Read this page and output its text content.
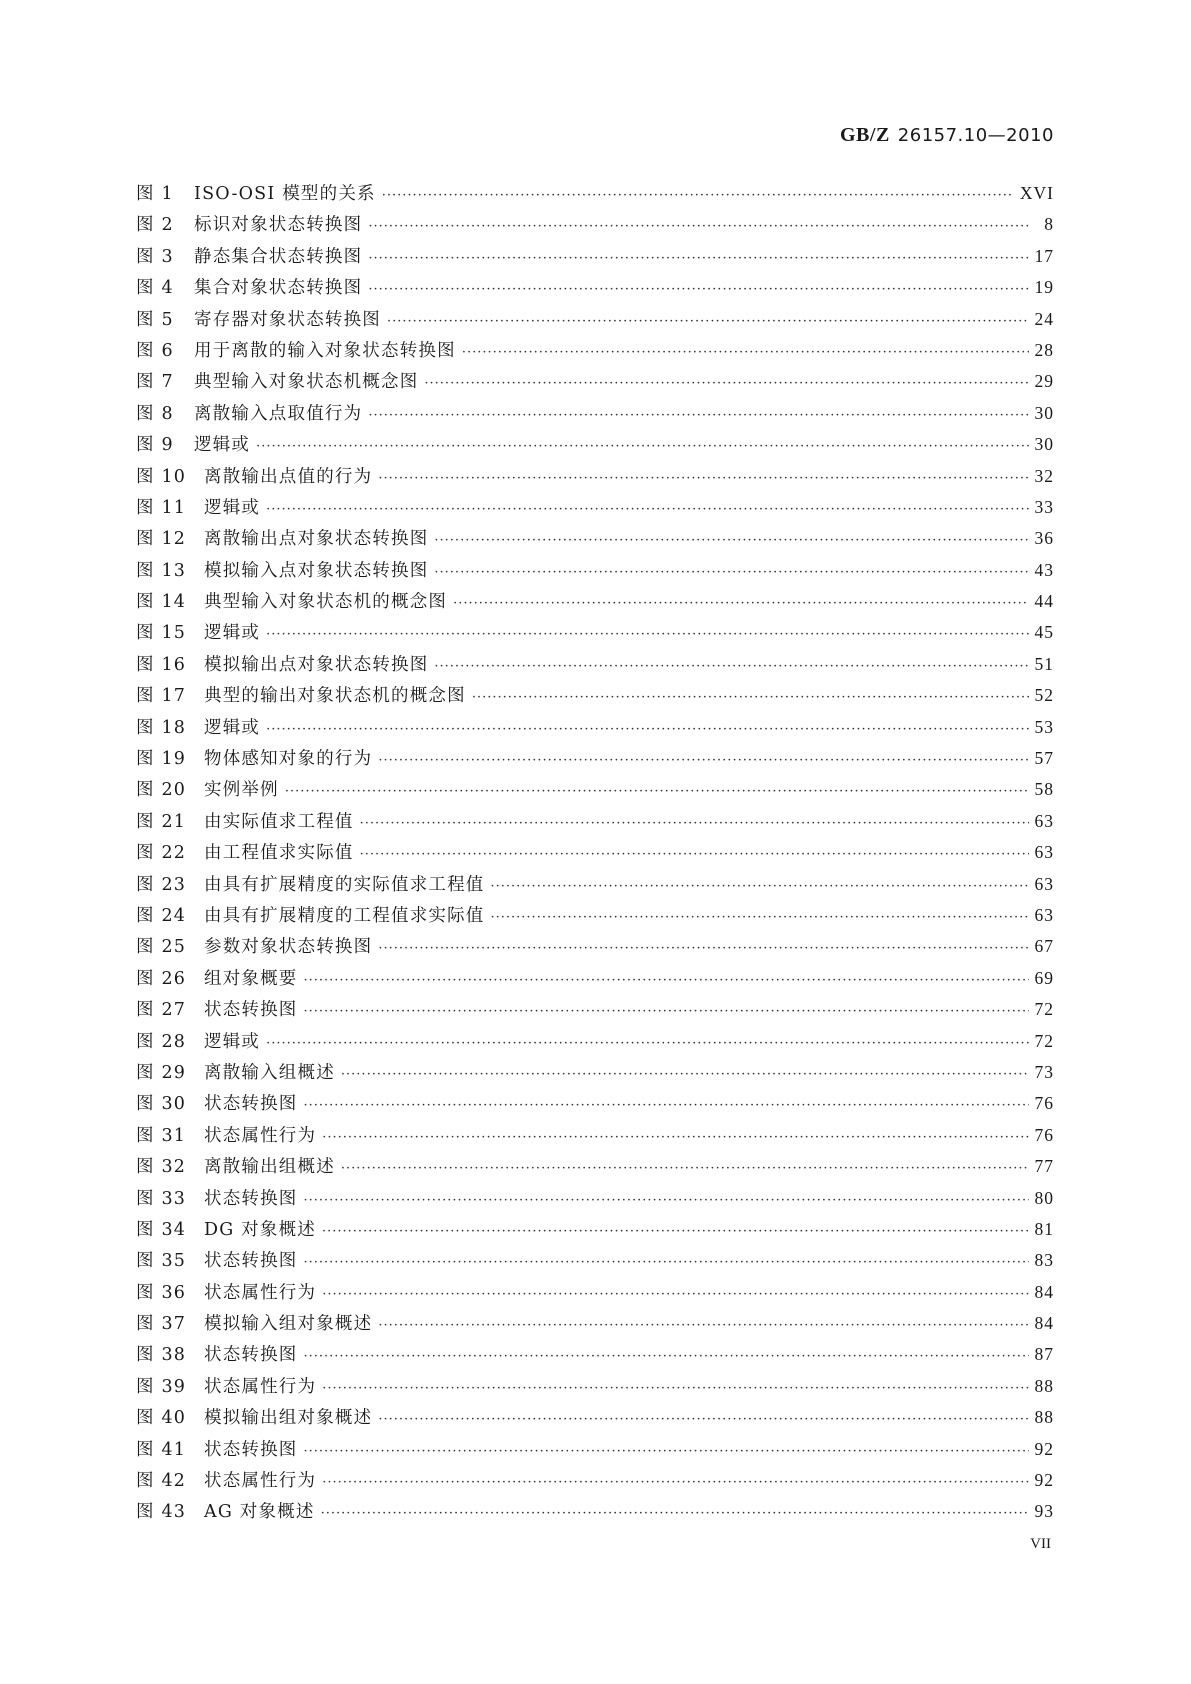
GB/Z 26157.10—2010
图 1	ISO-OSI 模型的关系 ·····	XVI
图 2	标识对象状态转换图 ·····	8
图 3	静态集合状态转换图 ·····	17
图 4	集合对象状态转换图 ·····	19
图 5	寄存器对象状态转换图 ·····	24
图 6	用于离散的输入对象状态转换图 ·····	28
图 7	典型输入对象状态机概念图 ·····	29
图 8	离散输入点取值行为 ·····	30
图 9	逻辑或 ·····	30
图 10	离散输出点值的行为 ·····	32
图 11	逻辑或 ·····	33
图 12	离散输出点对象状态转换图 ·····	36
图 13	模拟输入点对象状态转换图 ·····	43
图 14	典型输入对象状态机的概念图 ·····	44
图 15	逻辑或 ·····	45
图 16	模拟输出点对象状态转换图 ·····	51
图 17	典型的输出对象状态机的概念图 ·····	52
图 18	逻辑或 ·····	53
图 19	物体感知对象的行为 ·····	57
图 20	实例举例 ·····	58
图 21	由实际值求工程值 ·····	63
图 22	由工程值求实际值 ·····	63
图 23	由具有扩展精度的实际值求工程值 ·····	63
图 24	由具有扩展精度的工程值求实际值 ·····	63
图 25	参数对象状态转换图 ·····	67
图 26	组对象概要 ·····	69
图 27	状态转换图 ·····	72
图 28	逻辑或 ·····	72
图 29	离散输入组概述 ·····	73
图 30	状态转换图 ·····	76
图 31	状态属性行为 ·····	76
图 32	离散输出组概述 ·····	77
图 33	状态转换图 ·····	80
图 34	DG 对象概述 ·····	81
图 35	状态转换图 ·····	83
图 36	状态属性行为 ·····	84
图 37	模拟输入组对象概述 ·····	84
图 38	状态转换图 ·····	87
图 39	状态属性行为 ·····	88
图 40	模拟输出组对象概述 ·····	88
图 41	状态转换图 ·····	92
图 42	状态属性行为 ·····	92
图 43	AG 对象概述 ·····	93
VII
